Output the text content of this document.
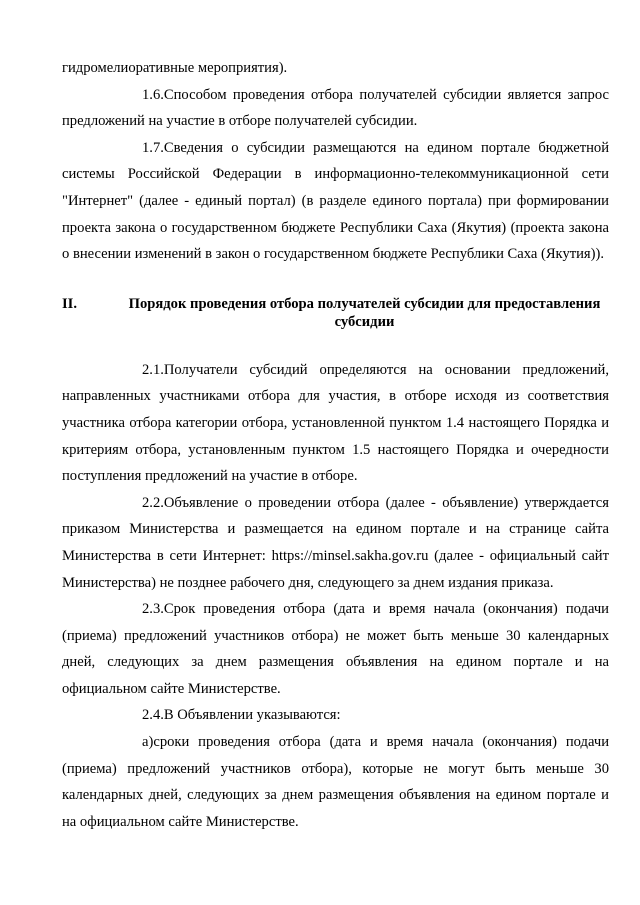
гидромелиоративные мероприятия).

1.6.Способом проведения отбора получателей субсидии является запрос предложений на участие в отборе получателей субсидии.

1.7.Сведения о субсидии размещаются на едином портале бюджетной системы Российской Федерации в информационно-телекоммуникационной сети "Интернет" (далее - единый портал) (в разделе единого портала) при формировании проекта закона о государственном бюджете Республики Саха (Якутия) (проекта закона о внесении изменений в закон о государственном бюджете Республики Саха (Якутия)).

II.	Порядок проведения отбора получателей субсидии для предоставления субсидии

2.1.Получатели субсидий определяются на основании предложений, направленных участниками отбора для участия, в отборе исходя из соответствия участника отбора категории отбора, установленной пунктом 1.4 настоящего Порядка и критериям отбора, установленным пунктом 1.5 настоящего Порядка и очередности поступления предложений на участие в отборе.

2.2.Объявление о проведении отбора (далее - объявление) утверждается приказом Министерства и размещается на едином портале и на странице сайта Министерства в сети Интернет: https://minsel.sakha.gov.ru (далее - официальный сайт Министерства) не позднее рабочего дня, следующего за днем издания приказа.

2.3.Срок проведения отбора (дата и время начала (окончания) подачи (приема) предложений участников отбора) не может быть меньше 30 календарных дней, следующих за днем размещения объявления на едином портале и на официальном сайте Министерстве.

2.4.В Объявлении указываются:

а)сроки проведения отбора (дата и время начала (окончания) подачи (приема) предложений участников отбора), которые не могут быть меньше 30 календарных дней, следующих за днем размещения объявления на едином портале и на официальном сайте Министерстве.
